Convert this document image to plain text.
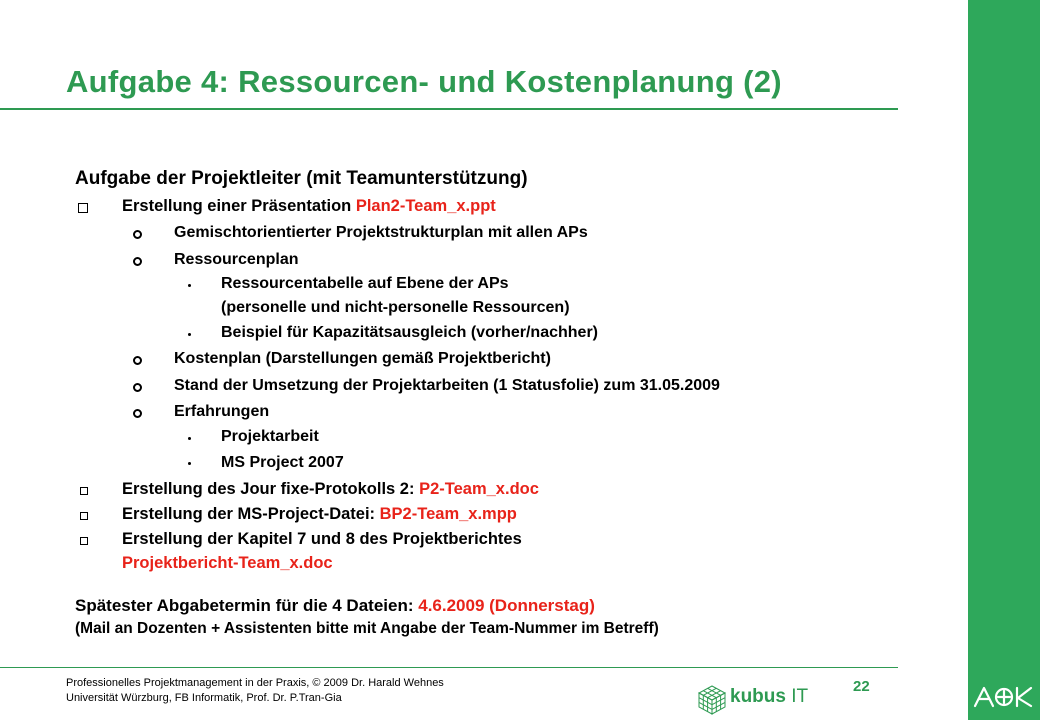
Aufgabe 4: Ressourcen- und Kostenplanung (2)
Aufgabe der Projektleiter (mit Teamunterstützung)
Erstellung einer Präsentation Plan2-Team_x.ppt
Gemischtorientierter Projektstrukturplan mit allen APs
Ressourcenplan
Ressourcentabelle auf Ebene der APs
(personelle und nicht-personelle Ressourcen)
Beispiel für Kapazitätsausgleich (vorher/nachher)
Kostenplan (Darstellungen gemäß Projektbericht)
Stand der Umsetzung der Projektarbeiten (1 Statusfolie) zum 31.05.2009
Erfahrungen
Projektarbeit
MS Project 2007
Erstellung des Jour fixe-Protokolls 2: P2-Team_x.doc
Erstellung der MS-Project-Datei: BP2-Team_x.mpp
Erstellung der Kapitel 7 und 8 des Projektberichtes
Projektbericht-Team_x.doc
Spätester Abgabetermin für die 4 Dateien: 4.6.2009 (Donnerstag)
(Mail an Dozenten + Assistenten bitte mit Angabe der Team-Nummer im Betreff)
Professionelles Projektmanagement in der Praxis, © 2009 Dr. Harald Wehnes
Universität Würzburg, FB Informatik, Prof. Dr. P.Tran-Gia
22
kubus IT
